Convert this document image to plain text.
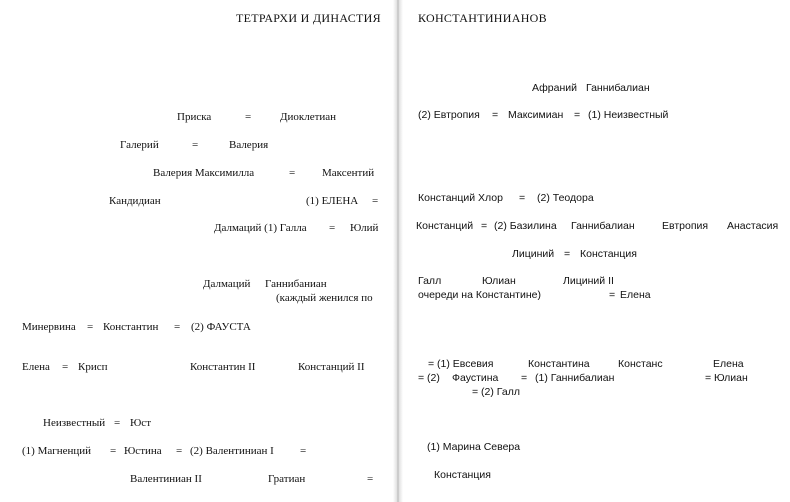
ТЕТРАРХИ И ДИНАСТИЯ
Приска	=	Диоклетиан
Галерий	=	Валерия
Валерия Максимилла	= Максентий
Кандидиан	(1) ЕЛЕНА =
Далмаций (1) Галла = Юлий
Далмаций Ганнибаниан
(каждый женился по
Минервина = Константин = (2) ФАУСТА
Елена = Крисп	Константин II	Констанций II
Неизвестный = Юст
(1) Магненций = Юстина = (2) Валентиниан I =
Валентиниан II	Гратиан	=
КОНСТАНТИНИАНОВ
Афраний Ганнибалиан
(2) Евтропия = Максимиан = (1) Неизвестный
Констанций Хлор = (2) Теодора
Констанций = (2) Базилина Ганнибалиан	Евтропия Анастасия
Лициний = Констанция
Галл	Юлиан	Лициний II
очереди на Константине)	= Елена
= (1) Евсевия	Константина	Констанс	Елена
= (2) Фаустина = (1) Ганнибалиан	= Юлиан
= (2) Галл
(1) Марина Севера
Констанция
